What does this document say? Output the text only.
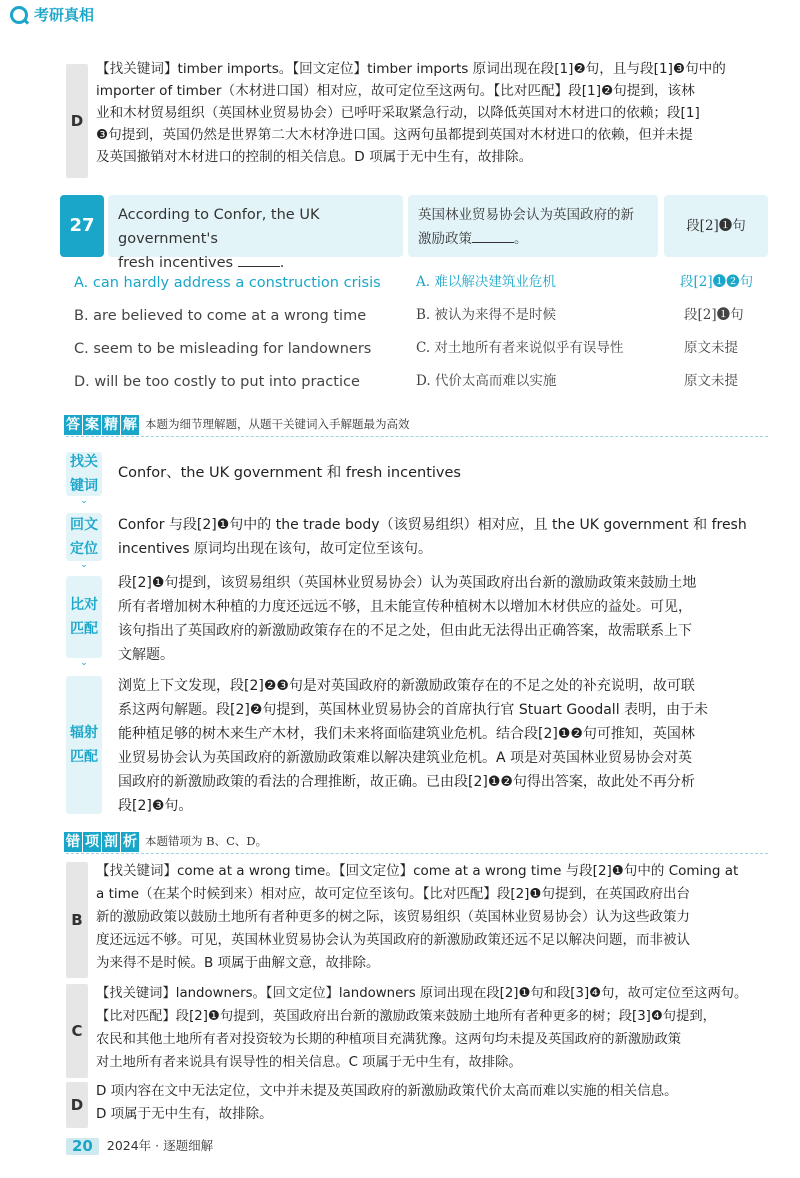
考研真相
D
【找关键词】timber imports。【回文定位】timber imports 原词出现在段[1]❷句，且与段[1]❸句中的
importer of timber（木材进口国）相对应，故可定位至这两句。【比对匹配】段[1]❷句提到，该林
业和木材贸易组织（英国林业贸易协会）已呼吁采取紧急行动，以降低英国对木材进口的依赖；段[1]
❸句提到，英国仍然是世界第二大木材净进口国。这两句虽都提到英国对木材进口的依赖，但并未提
及英国撤销对木材进口的控制的相关信息。D 项属于无中生有，故排除。
27 According to Confor, the UK government's
fresh incentives	.
英国林业贸易协会认为英国政府的新
激励政策	。
段[2]❶句
A. can hardly address a construction crisis	A. 难以解决建筑业危机	段[2]❶❷句
B. are believed to come at a wrong time	B. 被认为来得不是时候	段[2]❶句
C. seem to be misleading for landowners	C. 对土地所有者来说似乎有误导性	原文未提
D. will be too costly to put into practice	D. 代价太高而难以实施	原文未提
答 案 精 解 本题为细节理解题，从题干关键词入手解题最为高效
找关键词
⌄
Confor、the UK government 和 fresh incentives
回文定位
⌄
Confor 与段[2]❶句中的 the trade body（该贸易组织）相对应，且 the UK government 和 fresh
incentives 原词均出现在该句，故可定位至该句。
比对匹配
⌄
段[2]❶句提到，该贸易组织（英国林业贸易协会）认为英国政府出台新的激励政策来鼓励土地
所有者增加树木种植的力度还远远不够，且未能宣传种植树木以增加木材供应的益处。可见，
该句指出了英国政府的新激励政策存在的不足之处，但由此无法得出正确答案，故需联系上下
文解题。
辐射匹配
浏览上下文发现，段[2]❷❸句是对英国政府的新激励政策存在的不足之处的补充说明，故可联
系这两句解题。段[2]❷句提到，英国林业贸易协会的首席执行官 Stuart Goodall 表明，由于未
能种植足够的树木来生产木材，我们未来将面临建筑业危机。结合段[2]❶❷句可推知，英国林
业贸易协会认为英国政府的新激励政策难以解决建筑业危机。A 项是对英国林业贸易协会对英
国政府的新激励政策的看法的合理推断，故正确。已由段[2]❶❷句得出答案，故此处不再分析
段[2]❸句。
错 项 剖 析 本题错项为 B、C、D。
B
【找关键词】come at a wrong time。【回文定位】come at a wrong time 与段[2]❶句中的 Coming at
a time（在某个时候到来）相对应，故可定位至该句。【比对匹配】段[2]❶句提到，在英国政府出台
新的激励政策以鼓励土地所有者种更多的树之际，该贸易组织（英国林业贸易协会）认为这些政策力
度还远远不够。可见，英国林业贸易协会认为英国政府的新激励政策还远不足以解决问题，而非被认
为来得不是时候。B 项属于曲解文意，故排除。
C
【找关键词】landowners。【回文定位】landowners 原词出现在段[2]❶句和段[3]❹句，故可定位至这两句。
【比对匹配】段[2]❶句提到，英国政府出台新的激励政策来鼓励土地所有者种更多的树；段[3]❹句提到，
农民和其他土地所有者对投资较为长期的种植项目充满犹豫。这两句均未提及英国政府的新激励政策
对土地所有者来说具有误导性的相关信息。C 项属于无中生有，故排除。
D
D 项内容在文中无法定位，文中并未提及英国政府的新激励政策代价太高而难以实施的相关信息。
D 项属于无中生有，故排除。
20	2024年 · 逐题细解
